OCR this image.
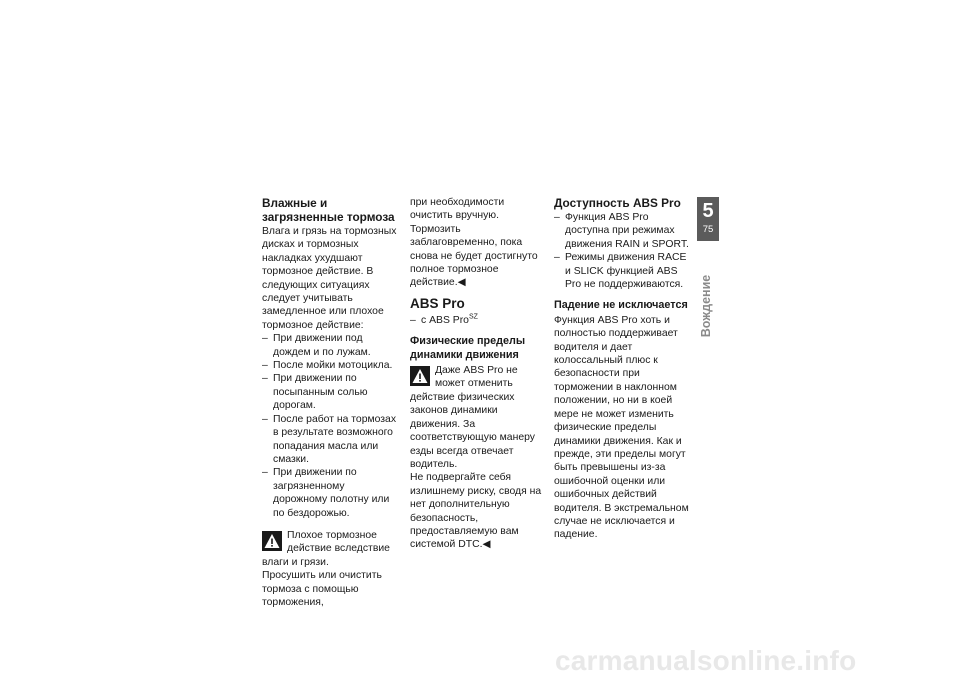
Влажные и загрязненные тормоза

Влага и грязь на тормозных дисках и тормозных накладках ухудшают тормозное действие. В следующих ситуациях следует учитывать замедленное или плохое тормозное действие:

– При движении под дождем и по лужам.
– После мойки мотоцикла.
– При движении по посыпанным солью дорогам.
– После работ на тормозах в результате возможного попадания масла или смазки.
– При движении по загрязненному дорожному полотну или по бездорожью.

Плохое тормозное действие вследствие влаги и грязи.

Просушить или очистить тормоза с помощью торможения,

при необходимости очистить вручную.

Тормозить заблаговременно, пока снова не будет достигнуто полное тормозное действие.◀

ABS Pro
– с ABS Pro$^{SZ}$
Физические пределы динамики движения

Даже ABS Pro не может отменить действие физических законов динамики движения. За соответствующую манеру езды всегда отвечает водитель.

Не подвергайте себя излишнему риску, сводя на нет дополнительную безопасность, предоставляемую вам системой DTC.◀

Доступность ABS Pro
– Функция ABS Pro доступна при режимах движения RAIN и SPORT.
– Режимы движения RACE и SLICK функцией ABS Pro не поддерживаются.
Падение не исключается

Функция ABS Pro хоть и полностью поддерживает водителя и дает колоссальный плюс к безопасности при торможении в наклонном положении, но ни в коей мере не может изменить физические пределы динамики движения. Как и прежде, эти пределы могут быть превышены из-за ошибочной оценки или ошибочных действий водителя. В экстремальном случае не исключается и падение.

5
75
Вождение
carmanualsonline.info
